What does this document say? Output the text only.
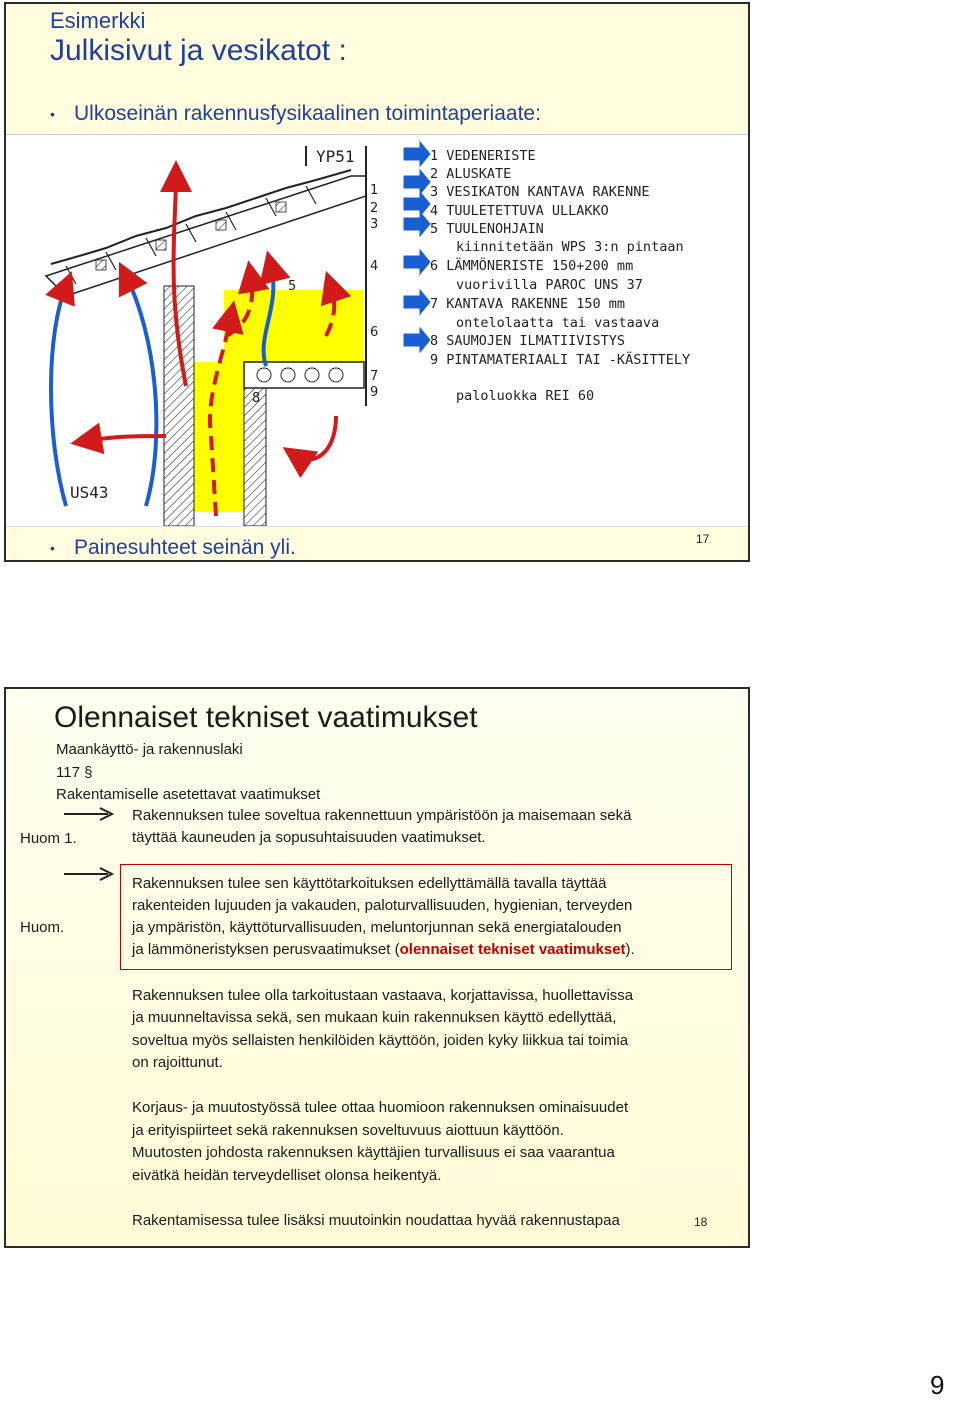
Esimerkki
Julkisivut ja vesikatot :
• Ulkoseinän rakennusfysikaalinen toimintaperiaate:
YP51
US43
1
2
3
4
5
6
7
9
8
1 VEDENERISTE
2 ALUSKATE
3 VESIKATON KANTAVA RAKENNE
4 TUULETETTUVA ULLAKKO
5 TUULENOHJAIN
kiinnitetään WPS 3:n pintaan
6 LÄMMÖNERISTE 150+200 mm
vuorivilla PAROC UNS 37
7 KANTAVA RAKENNE 150 mm
ontelolaatta tai vastaava
8 SAUMOJEN ILMATIIVISTYS
9 PINTAMATERIAALI TAI -KÄSITTELY
paloluokka REI 60
• Painesuhteet seinän yli.	17
Olennaiset tekniset vaatimukset
Maankäyttö- ja rakennuslaki
117 §
Rakentamiselle asetettavat vaatimukset
Huom 1.
Rakennuksen tulee soveltua rakennettuun ympäristöön ja maisemaan sekä
täyttää kauneuden ja sopusuhtaisuuden vaatimukset.
Huom.
Rakennuksen tulee sen käyttötarkoituksen edellyttämällä tavalla täyttää
rakenteiden lujuuden ja vakauden, paloturvallisuuden, hygienian, terveyden
ja ympäristön, käyttöturvallisuuden, meluntorjunnan sekä energiatalouden
ja lämmöneristyksen perusvaatimukset (olennaiset tekniset vaatimukset).
Rakennuksen tulee olla tarkoitustaan vastaava, korjattavissa, huollettavissa
ja muunneltavissa sekä, sen mukaan kuin rakennuksen käyttö edellyttää,
soveltua myös sellaisten henkilöiden käyttöön, joiden kyky liikkua tai toimia
on rajoittunut.
Korjaus- ja muutostyössä tulee ottaa huomioon rakennuksen ominaisuudet
ja erityispiirteet sekä rakennuksen soveltuvuus aiottuun käyttöön.
Muutosten johdosta rakennuksen käyttäjien turvallisuus ei saa vaarantua
eivätkä heidän terveydelliset olonsa heikentyä.
Rakentamisessa tulee lisäksi muutoinkin noudattaa hyvää rakennustapaa	18
9
